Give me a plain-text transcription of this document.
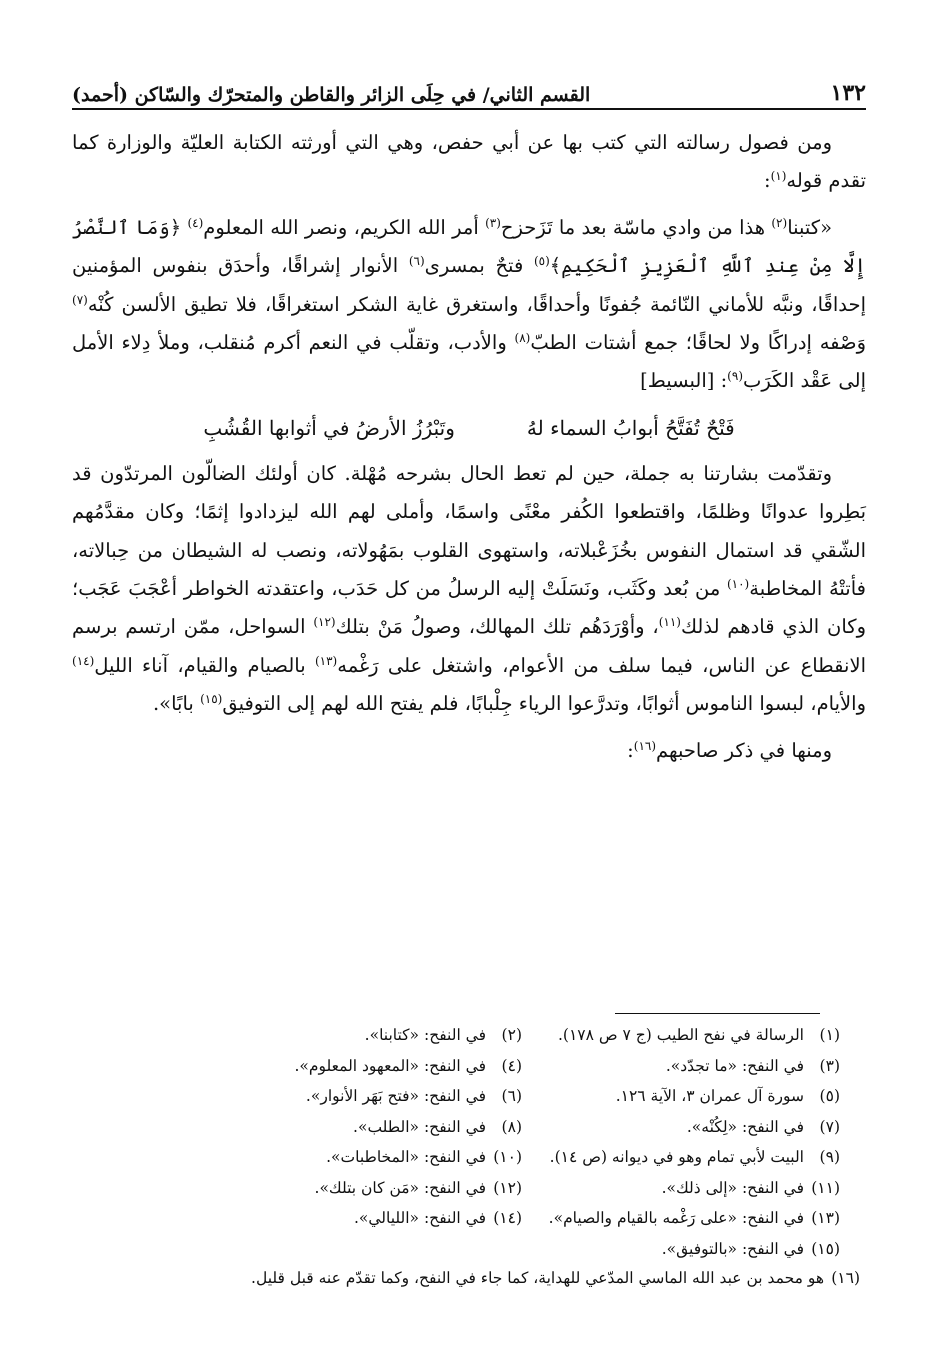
١٣٢
القسم الثاني/ في حِلَى الزائر والقاطن والمتحرّك والسّاكن (أحمد)

ومن فصول رسالته التي كتب بها عن أبي حفص، وهي التي أورثته الكتابة العليّة والوزارة كما تقدم قوله$^{(١)}$:

«كتبنا$^{(٢)}$ هذا من وادي ماسّة بعد ما تَزَحزح$^{(٣)}$ أمر الله الكريم، ونصر الله المعلوم$^{(٤)}$ ﴿وَمَا ٱلنَّصْرُ إِلَّا مِنْ عِندِ ٱللَّهِ ٱلْعَزِيزِ ٱلْحَكِيمِ﴾$^{(٥)}$ فتحٌ بمسرى$^{(٦)}$ الأنوار إشراقًا، وأحدَق بنفوس المؤمنين إحداقًا، ونبَّه للأماني النّائمة جُفونًا وأحداقًا، واستغرق غاية الشكر استغراقًا، فلا تطيق الألسن كُنْه$^{(٧)}$ وَصْفه إدراكًا ولا لحاقًا؛ جمع أشتات الطبّ$^{(٨)}$ والأدب، وتقلّب في النعم أكرم مُنقلب، وملأ دِلاء الأمل إلى عَقْد الكَرَب$^{(٩)}$: [البسيط]

فَتْحٌ تُفَتَّحُ أبوابُ السماء لهُ
وتَبْرُزُ الأرضُ في أثوابها القُشُبِ

وتقدّمت بشارتنا به جملة، حين لم تعط الحال بشرحه مُهْلة. كان أولئك الضالّون المرتدّون قد بَطِروا عدوانًا وظلمًا، واقتطعوا الكُفر معْنًى واسمًا، وأملى لهم الله ليزدادوا إثمًا؛ وكان مقدَّمُهم الشّقي قد استمال النفوس بخُزَعْبلاته، واستهوى القلوب بمَهُولاته، ونصب له الشيطان من حِبالاته، فأتتْهُ المخاطبة$^{(١٠)}$ من بُعد وكَثَب، ونَسَلَتْ إليه الرسلُ من كل حَدَب، واعتقدته الخواطر أعْجَبَ عَجَب؛ وكان الذي قادهم لذلك$^{(١١)}$، وأوْرَدَهُم تلك المهالك، وصولُ مَنْ بتلك$^{(١٢)}$ السواحل، ممّن ارتسم برسم الانقطاع عن الناس، فيما سلف من الأعوام، واشتغل على رَغْمه$^{(١٣)}$ بالصيام والقيام، آناء الليل$^{(١٤)}$ والأيام، لبسوا الناموس أثوابًا، وتدرَّعوا الرياء جِلْبابًا، فلم يفتح الله لهم إلى التوفيق$^{(١٥)}$ بابًا».

ومنها في ذكر صاحبهم$^{(١٦)}$:

(١)الرسالة في نفح الطيب (ج ٧ ص ١٧٨).
(٢)في النفح: «كتابنا».
(٣)في النفح: «ما تجدّد».
(٤)في النفح: «المعهود المعلوم».
(٥)سورة آل عمران ٣، الآية ١٢٦.
(٦)في النفح: «فتح بَهَر الأنوار».
(٧)في النفح: «لِكُنْه».
(٨)في النفح: «الطلب».
(٩)البيت لأبي تمام وهو في ديوانه (ص ١٤).
(١٠)في النفح: «المخاطبات».
(١١)في النفح: «إلى ذلك».
(١٢)في النفح: «مَن كان بتلك».
(١٣)في النفح: «على رَغْمه بالقيام والصيام».
(١٤)في النفح: «الليالي».
(١٥)في النفح: «بالتوفيق».
(١٦)هو محمد بن عبد الله الماسي المدّعي للهداية، كما جاء في النفح، وكما تقدّم عنه قبل قليل.
